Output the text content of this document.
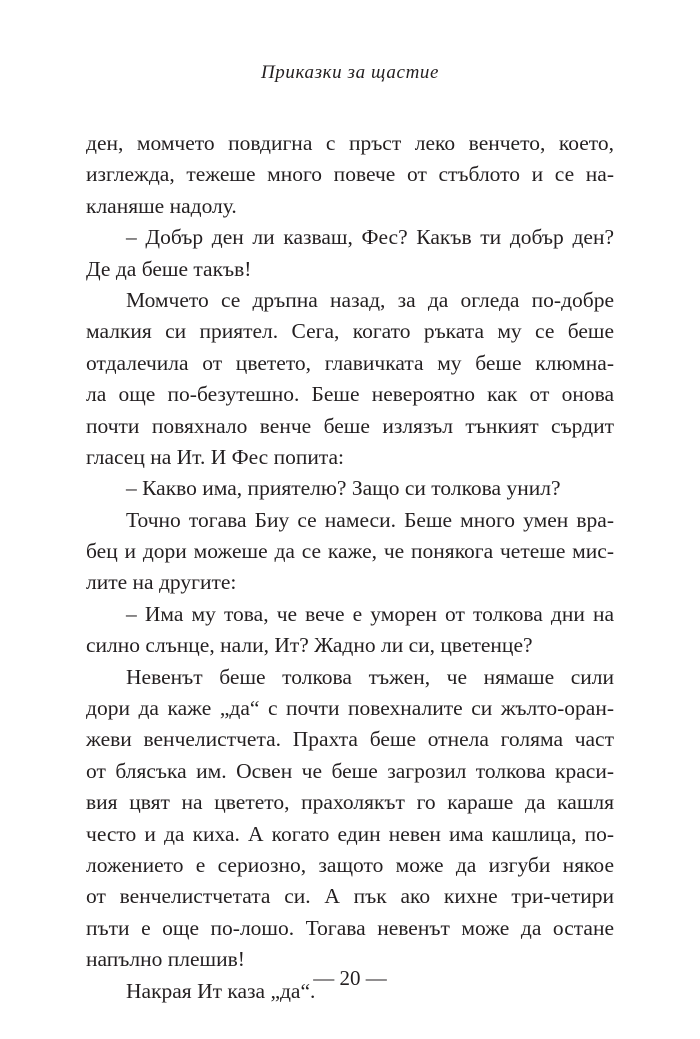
Приказки за щастие
ден, момчето повдигна с пръст леко венчето, което,
изглежда, тежеше много повече от стъблото и се на-
кланяше надолу.
– Добър ден ли казваш, Фес? Какъв ти добър ден?
Де да беше такъв!
Момчето се дръпна назад, за да огледа по-добре
малкия си приятел. Сега, когато ръката му се беше
отдалечила от цветето, главичката му беше клюмна-
ла още по-безутешно. Беше невероятно как от онова
почти повяхнало венче беше излязъл тънкият сърдит
гласец на Ит. И Фес попита:
– Какво има, приятелю? Защо си толкова унил?
Точно тогава Биу се намеси. Беше много умен вра-
бец и дори можеше да се каже, че понякога четеше мис-
лите на другите:
– Има му това, че вече е уморен от толкова дни на
силно слънце, нали, Ит? Жадно ли си, цветенце?
Невенът беше толкова тъжен, че нямаше сили
дори да каже „да“ с почти повехналите си жълто-оран-
жеви венчелистчета. Прахта беше отнела голяма част
от блясъка им. Освен че беше загрозил толкова краси-
вия цвят на цветето, прахолякът го караше да кашля
често и да киха. А когато един невен има кашлица, по-
ложението е сериозно, защото може да изгуби някое
от венчелистчетата си. А пък ако кихне три-четири
пъти е още по-лошо. Тогава невенът може да остане
напълно плешив!
Накрая Ит каза „да“.
— 20 —
